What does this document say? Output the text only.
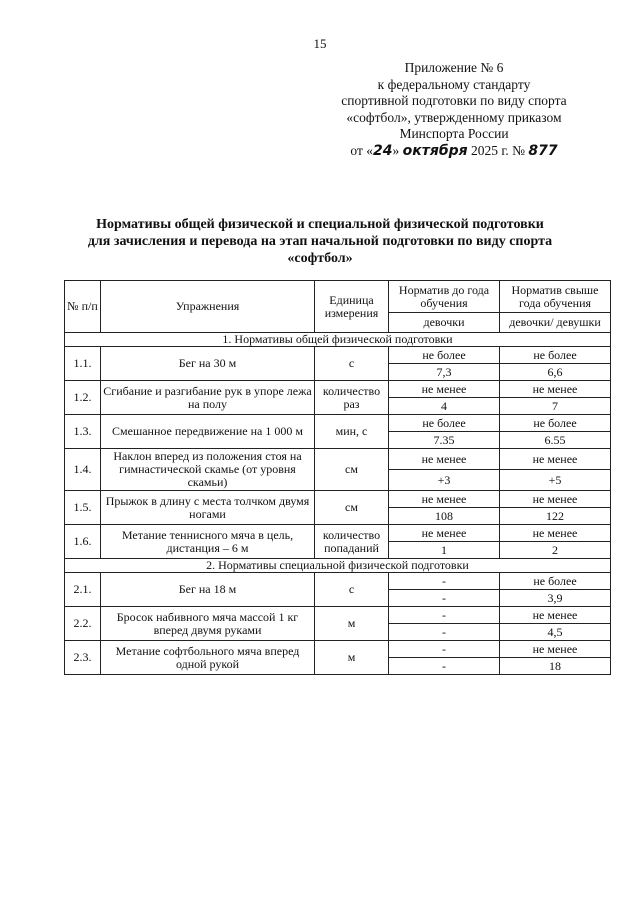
15
Приложение № 6
к федеральному стандарту
спортивной подготовки по виду спорта
«софтбол», утвержденному приказом
Минспорта России
от «24» октября 2025 г. № 877
Нормативы общей физической и специальной физической подготовки
для зачисления и перевода на этап начальной подготовки по виду спорта
«софтбол»
№ п/п	Упражнения	Единица измерения	Норматив до года обучения	Норматив свыше года обучения
			девочки	девочки/ девушки
1. Нормативы общей физической подготовки				
1.1.	Бег на 30 м	с	не более	не более
			7,3	6,6
1.2.	Сгибание и разгибание рук в упоре лежа на полу	количество раз	не менее	не менее
			4	7
1.3.	Смешанное передвижение на 1 000 м	мин, с	не более	не более
			7.35	6.55
1.4.	Наклон вперед из положения стоя на гимнастической скамье (от уровня скамьи)	см	не менее	не менее
			+3	+5
1.5.	Прыжок в длину с места толчком двумя ногами	см	не менее	не менее
			108	122
1.6.	Метание теннисного мяча в цель, дистанция – 6 м	количество попаданий	не менее	не менее
			1	2
2. Нормативы специальной физической подготовки				
2.1.	Бег на 18 м	с	-	не более
			-	3,9
2.2.	Бросок набивного мяча массой 1 кг вперед двумя руками	м	-	не менее
			-	4,5
2.3.	Метание софтбольного мяча вперед одной рукой	м	-	не менее
			-	18
